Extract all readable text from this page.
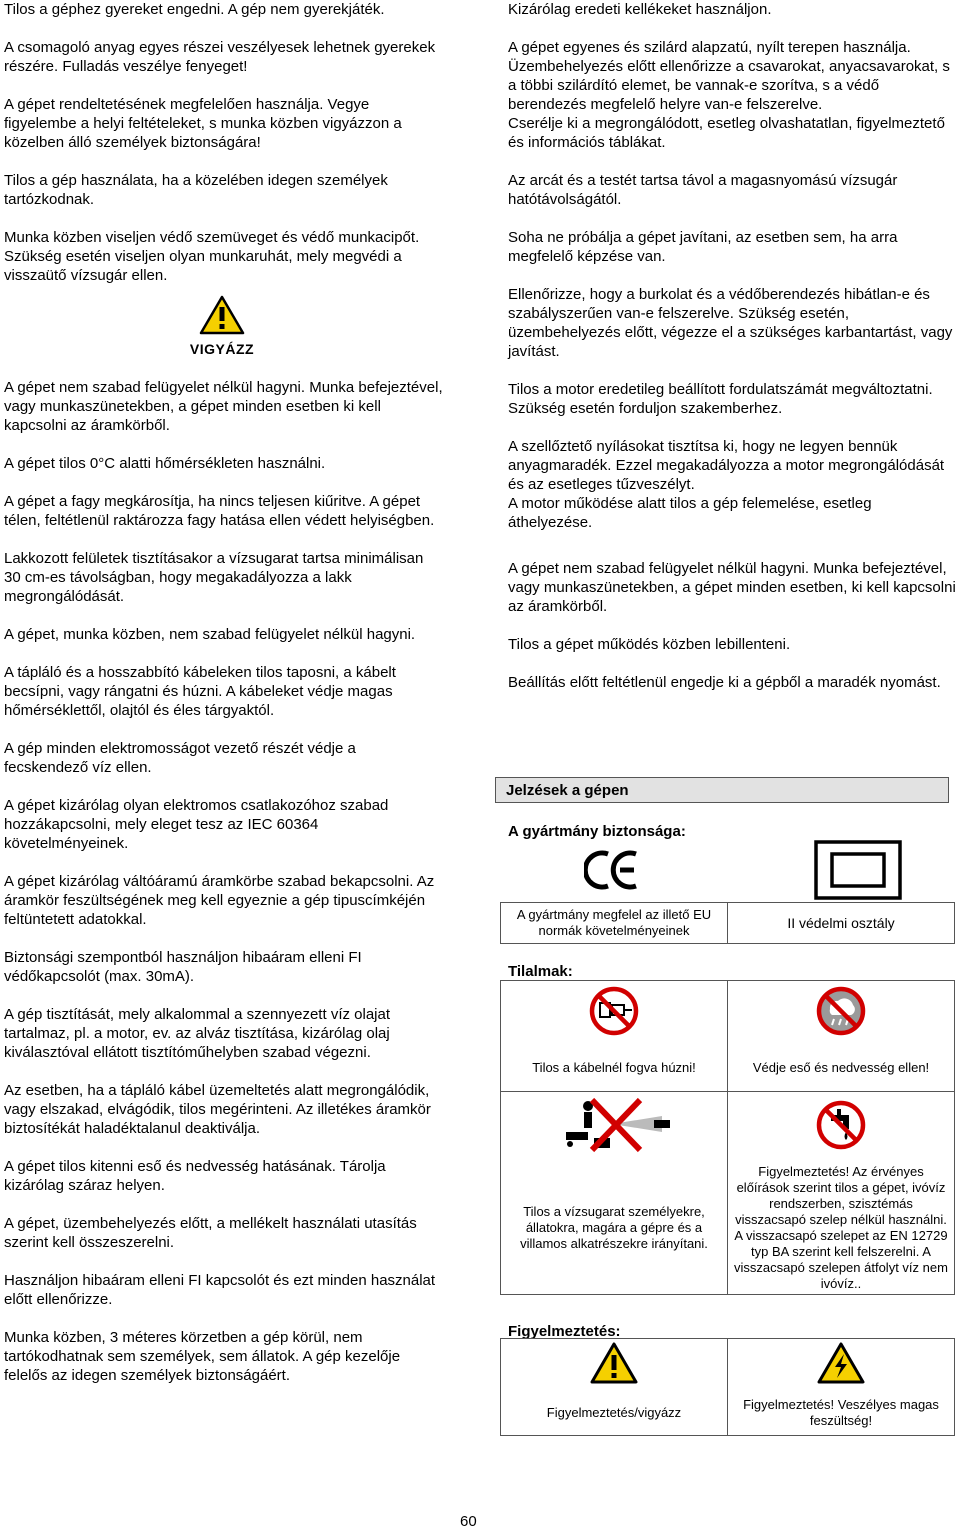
Tilos a géphez gyereket engedni. A gép nem gyerekjáték.

A csomagoló anyag egyes részei veszélyesek lehetnek gyerekek részére. Fulladás veszélye fenyeget!

A gépet rendeltetésének megfelelően használja. Vegye figyelembe a helyi feltételeket, s munka közben vigyázzon a közelben álló személyek biztonságára!

Tilos a gép használata, ha a közelében idegen személyek tartózkodnak.

Munka közben viseljen védő szemüveget és védő munkacipőt. Szükség esetén viseljen olyan munkaruhát, mely megvédi a visszaütő vízsugár ellen.

VIGYÁZZ

A gépet nem szabad felügyelet nélkül hagyni. Munka befejeztével, vagy munkaszünetekben, a gépet minden esetben ki kell kapcsolni az áramkörből.

A gépet tilos 0°C alatti hőmérsékleten használni.

A gépet a fagy megkárosítja, ha nincs teljesen kiűritve. A gépet télen, feltétlenül raktározza fagy hatása ellen védett helyiségben.

Lakkozott felületek tisztításakor a vízsugarat tartsa minimálisan 30 cm-es távolságban, hogy megakadályozza a lakk megrongálódását.

A gépet, munka közben, nem szabad felügyelet nélkül hagyni.

A tápláló és a hosszabbító kábeleken tilos taposni, a kábelt becsípni, vagy rángatni és húzni. A kábeleket védje magas hőmérséklettől, olajtól és éles tárgyaktól.

A gép minden elektromosságot vezető részét védje a fecskendező víz ellen.

A gépet kizárólag olyan elektromos csatlakozóhoz szabad hozzákapcsolni, mely eleget tesz az IEC 60364 követelményeinek.

A gépet kizárólag váltóáramú áramkörbe szabad bekapcsolni. Az áramkör feszültségének meg kell egyeznie a gép tipuscímkéjén feltüntetett adatokkal.

Biztonsági szempontból használjon hibaáram elleni FI védőkapcsolót (max. 30mA).

A gép tisztítását, mely alkalommal a szennyezett víz olajat tartalmaz, pl. a motor, ev. az alváz tisztítása, kizárólag olaj kiválasztóval ellátott tisztítóműhelyben szabad végezni.

Az esetben, ha a tápláló kábel üzemeltetés alatt megrongálódik, vagy elszakad, elvágódik, tilos megérinteni. Az illetékes áramkör biztosítékát haladéktalanul deaktiválja.

A gépet tilos kitenni eső és nedvesség hatásának. Tárolja kizárólag száraz helyen.

A gépet, üzembehelyezés előtt, a mellékelt használati utasítás szerint kell összeszerelni.

Használjon hibaáram elleni FI kapcsolót és ezt minden használat előtt ellenőrizze.

Munka közben, 3 méteres körzetben a gép körül, nem tartókodhatnak sem személyek, sem állatok. A gép kezelője felelős az idegen személyek biztonságáért.

Kizárólag eredeti kellékeket használjon.

A gépet egyenes és szilárd alapzatú, nyílt terepen használja.

Üzembehelyezés előtt ellenőrizze a csavarokat, anyacsavarokat, s a többi szilárdító elemet, be vannak-e szorítva, s a védő berendezés megfelelő helyre van-e felszerelve.

Cserélje ki a megrongálódott, esetleg olvashatatlan, figyelmeztető és információs táblákat.

Az arcát és a testét tartsa távol a magasnyomású vízsugár hatótávolságától.

Soha ne próbálja a gépet javítani, az esetben sem, ha arra megfelelő képzése van.

Ellenőrizze, hogy a burkolat és a védőberendezés hibátlan-e és szabályszerűen van-e felszerelve. Szükség esetén, üzembehelyezés előtt, végezze el a szükséges karbantartást, vagy javítást.

Tilos a motor eredetileg beállított fordulatszámát megváltoztatni. Szükség esetén forduljon szakemberhez.

A szellőztető nyílásokat tisztítsa ki, hogy ne legyen bennük anyagmaradék. Ezzel megakadályozza a motor megrongálódását és az esetleges tűzveszélyt.

A motor működése alatt tilos a gép felemelése, esetleg áthelyezése.

A gépet nem szabad felügyelet nélkül hagyni. Munka befejeztével, vagy munkaszünetekben, a gépet minden esetben, ki kell kapcsolni az áramkörből.

Tilos a gépet működés közben lebillenteni.

Beállítás előtt feltétlenül engedje ki a gépből a maradék nyomást.

Jelzések a gépen
A gyártmány biztonsága:
A gyártmány megfelel az illető EU normák követelményeinek	II védelmi osztály
Tilalmak:

Tilos a kábelnél fogva húzni!	Védje eső és nedvesség ellen!

Tilos a vízsugarat személyekre, állatokra, magára a gépre és a villamos alkatrészekre irányítani.	Figyelmeztetés! Az érvényes előírások szerint tilos a gépet, ivóvíz rendszerben, szisztémás visszacsapó szelep nélkül használni. A visszacsapó szelepet az EN 12729 typ BA szerint kell felszerelni. A visszacsapó szelepen átfolyt víz nem ivóvíz..
Figyelmeztetés:

Figyelmeztetés/vigyázz	Figyelmeztetés! Veszélyes magas feszültség!
60
